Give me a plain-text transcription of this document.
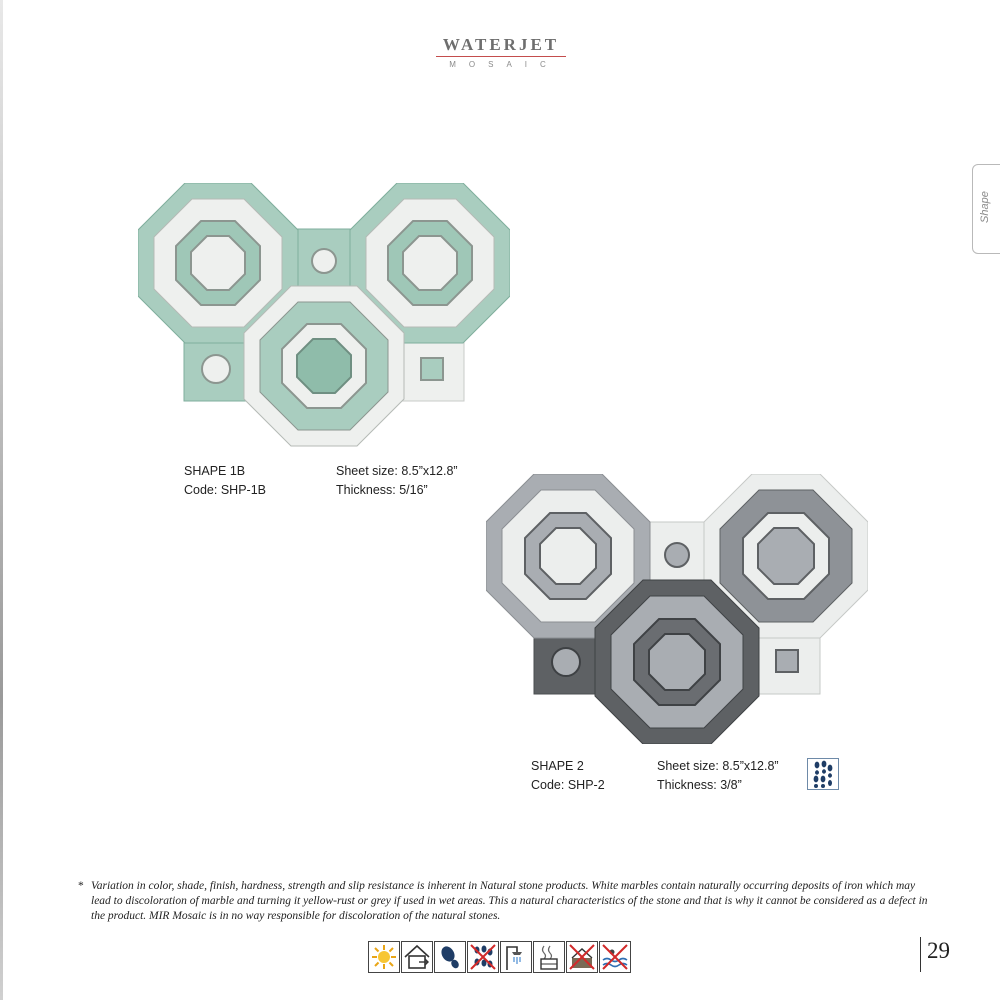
WATERJET
MOSAIC
Shape
SHAPE 1B
Code: SHP-1B
Sheet size: 8.5”x12.8”
Thickness: 5/16”
SHAPE 2
Code: SHP-2
Sheet size: 8.5”x12.8”
Thickness: 3/8”
* Variation in color, shade, finish, hardness, strength and slip resistance is inherent in Natural stone products. White marbles contain naturally occurring deposits of iron which may lead to discoloration of marble and turning it yellow-rust or grey if used in wet areas. This a natural characteristics of the stone and that is why it cannot be considered as a defect in the product. MIR Mosaic is in no way responsible for discoloration of the natural stones.
29
